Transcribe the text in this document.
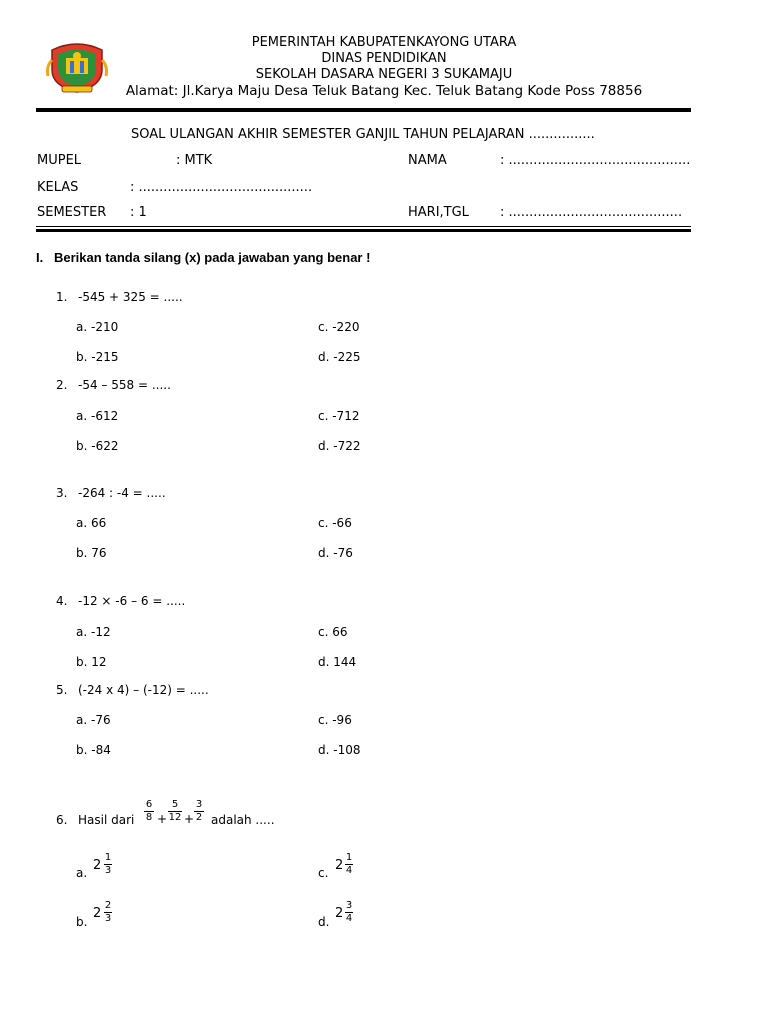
PEMERINTAH KABUPATENKAYONG UTARA
DINAS PENDIDIKAN
SEKOLAH DASARA NEGERI 3 SUKAMAJU
Alamat: Jl.Karya Maju Desa Teluk Batang Kec. Teluk Batang Kode Poss 78856
SOAL ULANGAN AKHIR SEMESTER GANJIL TAHUN PELAJARAN ................
MUPEL	: MTK	NAMA	: ............................................
KELAS	: ..........................................
SEMESTER : 1	HARI,TGL : ..........................................
I. Berikan tanda silang (x) pada jawaban yang benar !
1. -545 + 325 = .....
a. -210	c. -220
b. -215	d. -225
2. -54 – 558 = .....
a. -612	c. -712
b. -622	d. -722
3. -264 : -4 = .....
a. 66	c. -66
b. 76	d. -76
4. -12 × -6 – 6 = .....
a. -12	c. 66
b. 12	d. 144
5. (-24 x 4) – (-12) = .....
a. -76	c. -96
b. -84	d. -108
6. Hasil dari
6
8 +
5
12 +
3
2 adalah .....
a. 2
1
3	c. 2
1
4
b.
2
2
3	d.
2
3
4
